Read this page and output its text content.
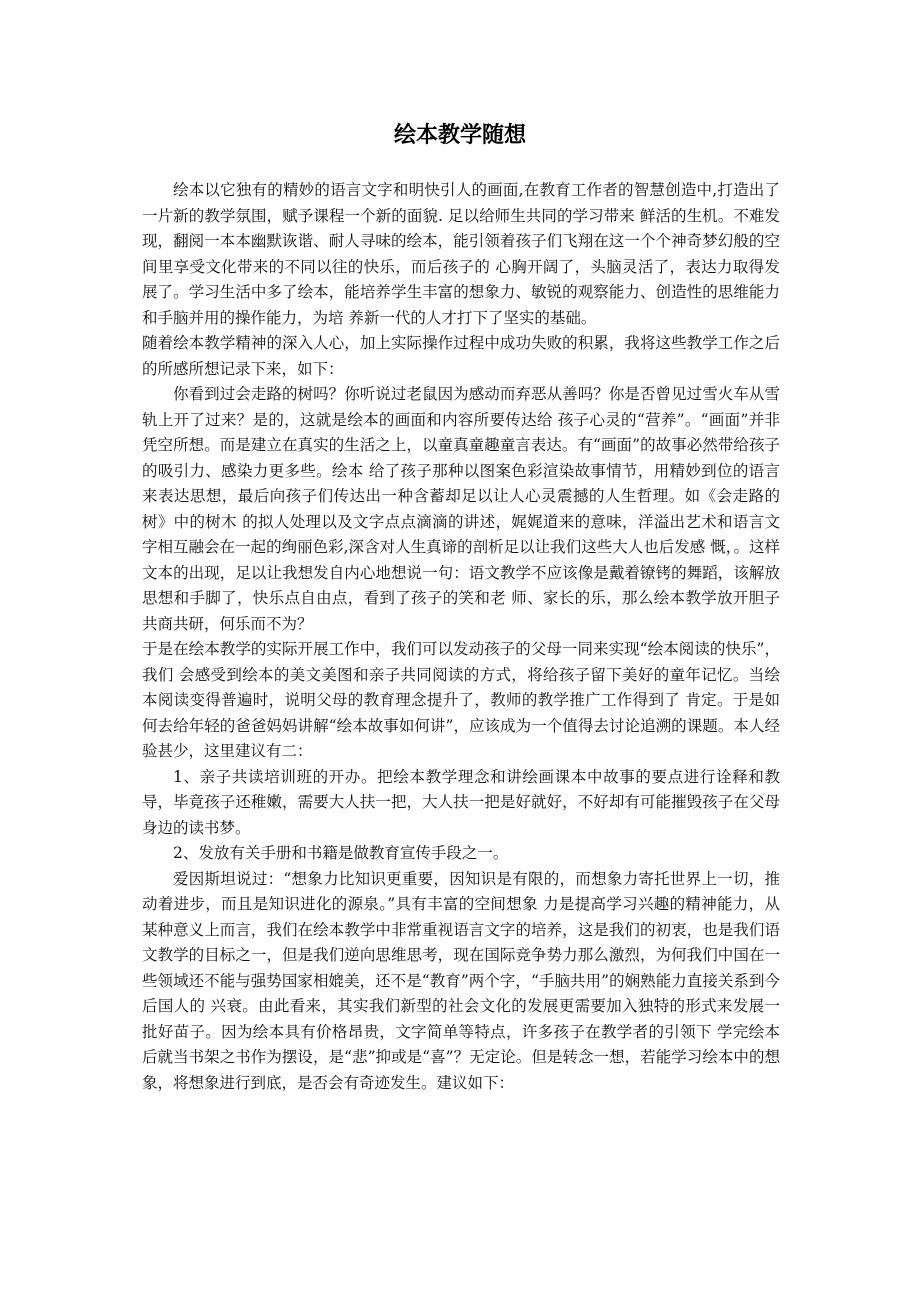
绘本教学随想

绘本以它独有的精妙的语言文字和明快引人的画面,在教育工作者的智慧创造中,打造出了一片新的教学氛围，赋予课程一个新的面貌. 足以给师生共同的学习带来 鲜活的生机。不难发现，翻阅一本本幽默诙谐、耐人寻味的绘本，能引领着孩子们飞翔在这一个个神奇梦幻般的空间里享受文化带来的不同以往的快乐，而后孩子的 心胸开阔了，头脑灵活了，表达力取得发展了。学习生活中多了绘本，能培养学生丰富的想象力、敏锐的观察能力、创造性的思维能力和手脑并用的操作能力，为培 养新一代的人才打下了坚实的基础。

随着绘本教学精神的深入人心，加上实际操作过程中成功失败的积累，我将这些教学工作之后的所感所想记录下来，如下：

你看到过会走路的树吗？你听说过老鼠因为感动而弃恶从善吗？你是否曾见过雪火车从雪轨上开了过来？是的，这就是绘本的画面和内容所要传达给 孩子心灵的“营养”。“画面”并非凭空所想。而是建立在真实的生活之上，以童真童趣童言表达。有“画面”的故事必然带给孩子的吸引力、感染力更多些。绘本 给了孩子那种以图案色彩渲染故事情节，用精妙到位的语言来表达思想，最后向孩子们传达出一种含蓄却足以让人心灵震撼的人生哲理。如《会走路的树》中的树木 的拟人处理以及文字点点滴滴的讲述，娓娓道来的意味，洋溢出艺术和语言文字相互融会在一起的绚丽色彩,深含对人生真谛的剖析足以让我们这些大人也后发感 慨，。这样文本的出现，足以让我想发自内心地想说一句：语文教学不应该像是戴着镣铐的舞蹈，该解放思想和手脚了，快乐点自由点，看到了孩子的笑和老 师、家长的乐，那么绘本教学放开胆子共商共研，何乐而不为？

于是在绘本教学的实际开展工作中，我们可以发动孩子的父母一同来实现“绘本阅读的快乐”，我们 会感受到绘本的美文美图和亲子共同阅读的方式，将给孩子留下美好的童年记忆。当绘本阅读变得普遍时，说明父母的教育理念提升了，教师的教学推广工作得到了 肯定。于是如何去给年轻的爸爸妈妈讲解“绘本故事如何讲”，应该成为一个值得去讨论追溯的课题。本人经验甚少，这里建议有二：

1、亲子共读培训班的开办。把绘本教学理念和讲绘画课本中故事的要点进行诠释和教导，毕竟孩子还稚嫩，需要大人扶一把，大人扶一把是好就好，不好却有可能摧毁孩子在父母身边的读书梦。

2、发放有关手册和书籍是做教育宣传手段之一。

爱因斯坦说过：“想象力比知识更重要，因知识是有限的，而想象力寄托世界上一切，推动着进步，而且是知识进化的源泉。”具有丰富的空间想象 力是提高学习兴趣的精神能力，从某种意义上而言，我们在绘本教学中非常重视语言文字的培养，这是我们的初衷，也是我们语文教学的目标之一，但是我们逆向思维思考，现在国际竞争势力那么激烈，为何我们中国在一些领域还不能与强势国家相媲美，还不是“教育”两个字，“手脑共用”的娴熟能力直接关系到今后国人的 兴衰。由此看来，其实我们新型的社会文化的发展更需要加入独特的形式来发展一批好苗子。因为绘本具有价格昂贵，文字简单等特点，许多孩子在教学者的引领下 学完绘本后就当书架之书作为摆设，是“悲”抑或是“喜”？无定论。但是转念一想，若能学习绘本中的想象，将想象进行到底，是否会有奇迹发生。建议如下：
